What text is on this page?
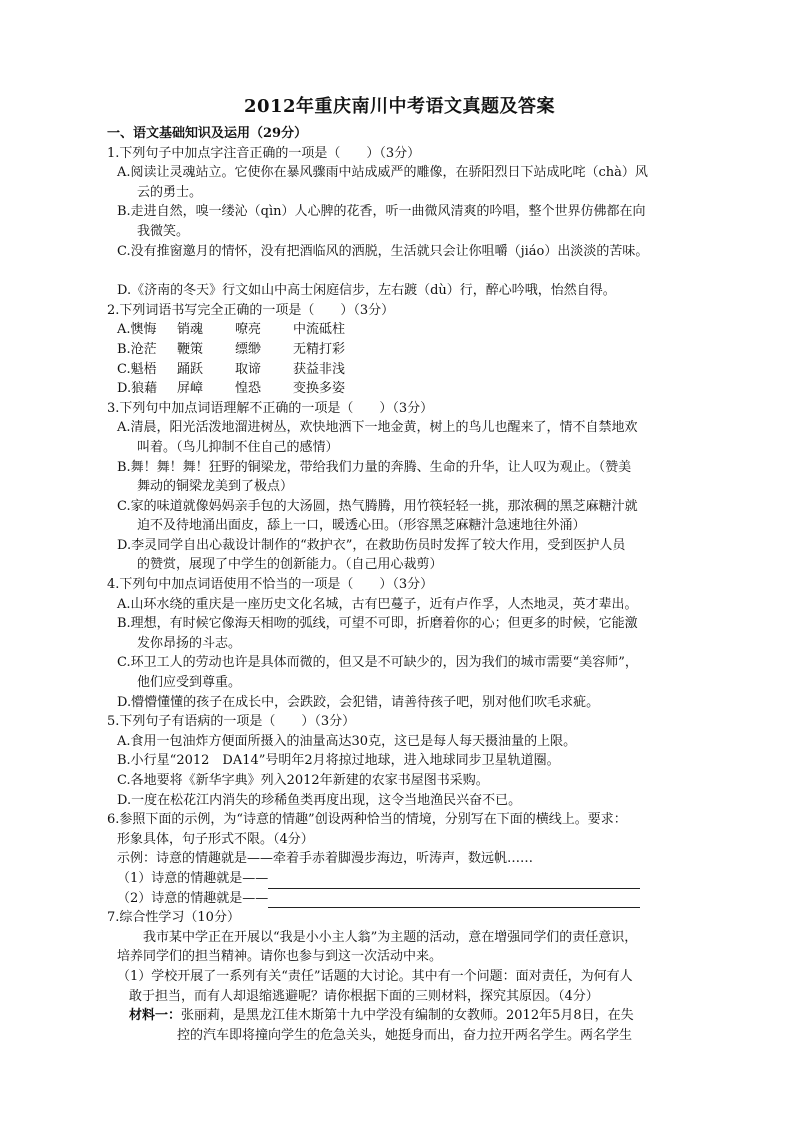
2012年重庆南川中考语文真题及答案

一、语文基础知识及运用（29分）

1.下列句子中加点字注音正确的一项是（　　）（3分）

A.阅读让灵魂站立。它使你在暴风骤雨中站成威严的雕像，在骄阳烈日下站成叱咤（chà）风
云的勇士。
B.走进自然，嗅一缕沁（qìn）人心脾的花香，听一曲微风清爽的吟唱，整个世界仿佛都在向
我微笑。
C.没有推窗邀月的情怀，没有把酒临风的洒脱，生活就只会让你咀嚼（jiáo）出淡淡的苦味。
D.《济南的冬天》行文如山中高士闲庭信步，左右踱（dù）行，醉心吟哦，怡然自得。

2.下列词语书写完全正确的一项是（　　）（3分）

A.懊悔	销魂	嘹亮	中流砥柱
B.沧茫	鞭策	缥缈	无精打彩
C.魁梧	踊跃	取谛	获益非浅
D.狼藉	屏嶂	惶恐	变换多姿

3.下列句中加点词语理解不正确的一项是（　　）（3分）

A.清晨，阳光活泼地溜进树丛，欢快地洒下一地金黄，树上的鸟儿也醒来了，情不自禁地欢
叫着。（鸟儿抑制不住自己的感情）
B.舞！舞！舞！狂野的铜梁龙，带给我们力量的奔腾、生命的升华，让人叹为观止。（赞美
舞动的铜梁龙美到了极点）
C.家的味道就像妈妈亲手包的大汤圆，热气腾腾，用竹筷轻轻一挑，那浓稠的黑芝麻糖汁就
迫不及待地涌出面皮，舔上一口，暖透心田。（形容黑芝麻糖汁急速地往外涌）
D.李灵同学自出心裁设计制作的“救护衣”，在救助伤员时发挥了较大作用，受到医护人员
的赞赏，展现了中学生的创新能力。（自己用心裁剪）

4.下列句中加点词语使用不恰当的一项是（　　）（3分）

A.山环水绕的重庆是一座历史文化名城，古有巴蔓子，近有卢作孚，人杰地灵，英才辈出。
B.理想，有时候它像海天相吻的弧线，可望不可即，折磨着你的心；但更多的时候，它能激
发你昂扬的斗志。
C.环卫工人的劳动也许是具体而微的，但又是不可缺少的，因为我们的城市需要“美容师”，
他们应受到尊重。
D.懵懵懂懂的孩子在成长中，会跌跤，会犯错，请善待孩子吧，别对他们吹毛求疵。

5.下列句子有语病的一项是（　　）（3分）

A.食用一包油炸方便面所摄入的油量高达30克，这已是每人每天摄油量的上限。
B.小行星“2012　DA14”号明年2月将掠过地球，进入地球同步卫星轨道圈。
C.各地要将《新华字典》列入2012年新建的农家书屋图书采购。
D.一度在松花江内消失的珍稀鱼类再度出现，这令当地渔民兴奋不已。

6.参照下面的示例，为“诗意的情趣”创设两种恰当的情境，分别写在下面的横线上。要求：

形象具体，句子形式不限。（4分）

示例：诗意的情趣就是——牵着手赤着脚漫步海边，听涛声，数远帆……

（1）诗意的情趣就是——

（2）诗意的情趣就是——

7.综合性学习（10分）

我市某中学正在开展以“我是小小主人翁”为主题的活动，意在增强同学们的责任意识，

培养同学们的担当精神。请你也参与到这一次活动中来。

（1）学校开展了一系列有关“责任”话题的大讨论。其中有一个问题：面对责任，为何有人

敢于担当，而有人却退缩逃避呢？请你根据下面的三则材料，探究其原因。（4分）

材料一：张丽莉，是黑龙江佳木斯第十九中学没有编制的女教师。2012年5月8日，在失
控的汽车即将撞向学生的危急关头，她挺身而出，奋力拉开两名学生。两名学生
